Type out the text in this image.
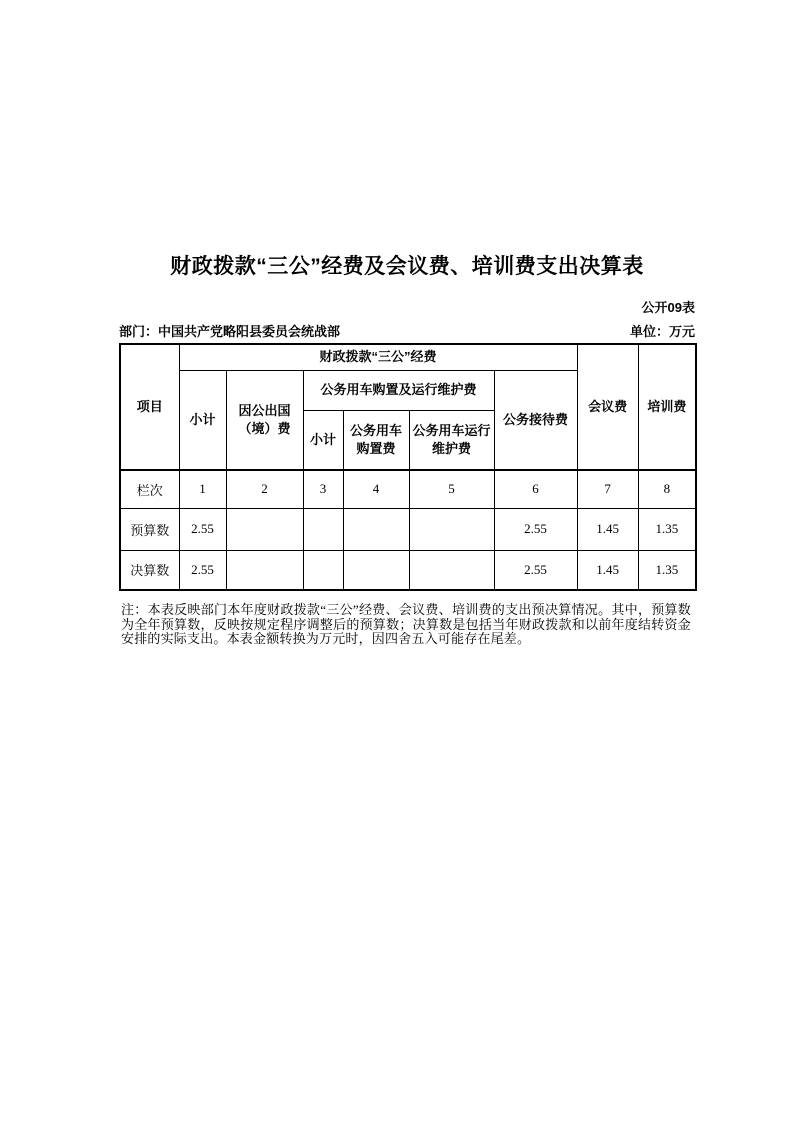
财政拨款“三公”经费及会议费、培训费支出决算表
公开09表
部门：中国共产党略阳县委员会统战部	单位：万元
项目	财政拨款“三公”经费						会议费	培训费
	小计	因公出国（境）费	公务用车购置及运行维护费			公务接待费		
			小计	公务用车购置费	公务用车运行维护费			
栏次	1	2	3	4	5	6	7	8
预算数	2.55					2.55	1.45	1.35
决算数	2.55					2.55	1.45	1.35
注：本表反映部门本年度财政拨款“三公”经费、会议费、培训费的支出预决算情况。其中，预算数为全年预算数，反映按规定程序调整后的预算数；决算数是包括当年财政拨款和以前年度结转资金安排的实际支出。本表金额转换为万元时，因四舍五入可能存在尾差。
